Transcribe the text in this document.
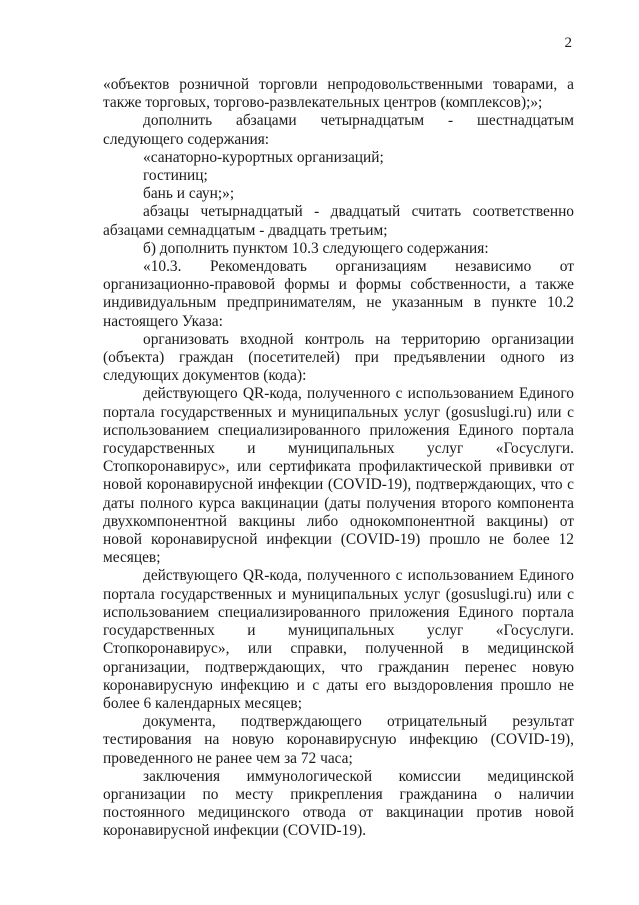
2

«объектов розничной торговли непродовольственными товарами, а также торговых, торгово-развлекательных центров (комплексов);»;

дополнить абзацами четырнадцатым - шестнадцатым следующего содержания:

«санаторно-курортных организаций;

гостиниц;

бань и саун;»;

абзацы четырнадцатый - двадцатый считать соответственно абзацами семнадцатым - двадцать третьим;

б) дополнить пунктом 10.3 следующего содержания:

«10.3. Рекомендовать организациям независимо от организационно-правовой формы и формы собственности, а также индивидуальным предпринимателям, не указанным в пункте 10.2 настоящего Указа:

организовать входной контроль на территорию организации (объекта) граждан (посетителей) при предъявлении одного из следующих документов (кода):

действующего QR-кода, полученного с использованием Единого портала государственных и муниципальных услуг (gosuslugi.ru) или с использованием специализированного приложения Единого портала государственных и муниципальных услуг «Госуслуги. Стопкоронавирус», или сертификата профилактической прививки от новой коронавирусной инфекции (COVID-19), подтверждающих, что с даты полного курса вакцинации (даты получения второго компонента двухкомпонентной вакцины либо однокомпонентной вакцины) от новой коронавирусной инфекции (COVID-19) прошло не более 12 месяцев;

действующего QR-кода, полученного с использованием Единого портала государственных и муниципальных услуг (gosuslugi.ru) или с использованием специализированного приложения Единого портала государственных и муниципальных услуг «Госуслуги. Стопкоронавирус», или справки, полученной в медицинской организации, подтверждающих, что гражданин перенес новую коронавирусную инфекцию и с даты его выздоровления прошло не более 6 календарных месяцев;

документа, подтверждающего отрицательный результат тестирования на новую коронавирусную инфекцию (COVID-19), проведенного не ранее чем за 72 часа;

заключения иммунологической комиссии медицинской организации по месту прикрепления гражданина о наличии постоянного медицинского отвода от вакцинации против новой коронавирусной инфекции (COVID-19).
